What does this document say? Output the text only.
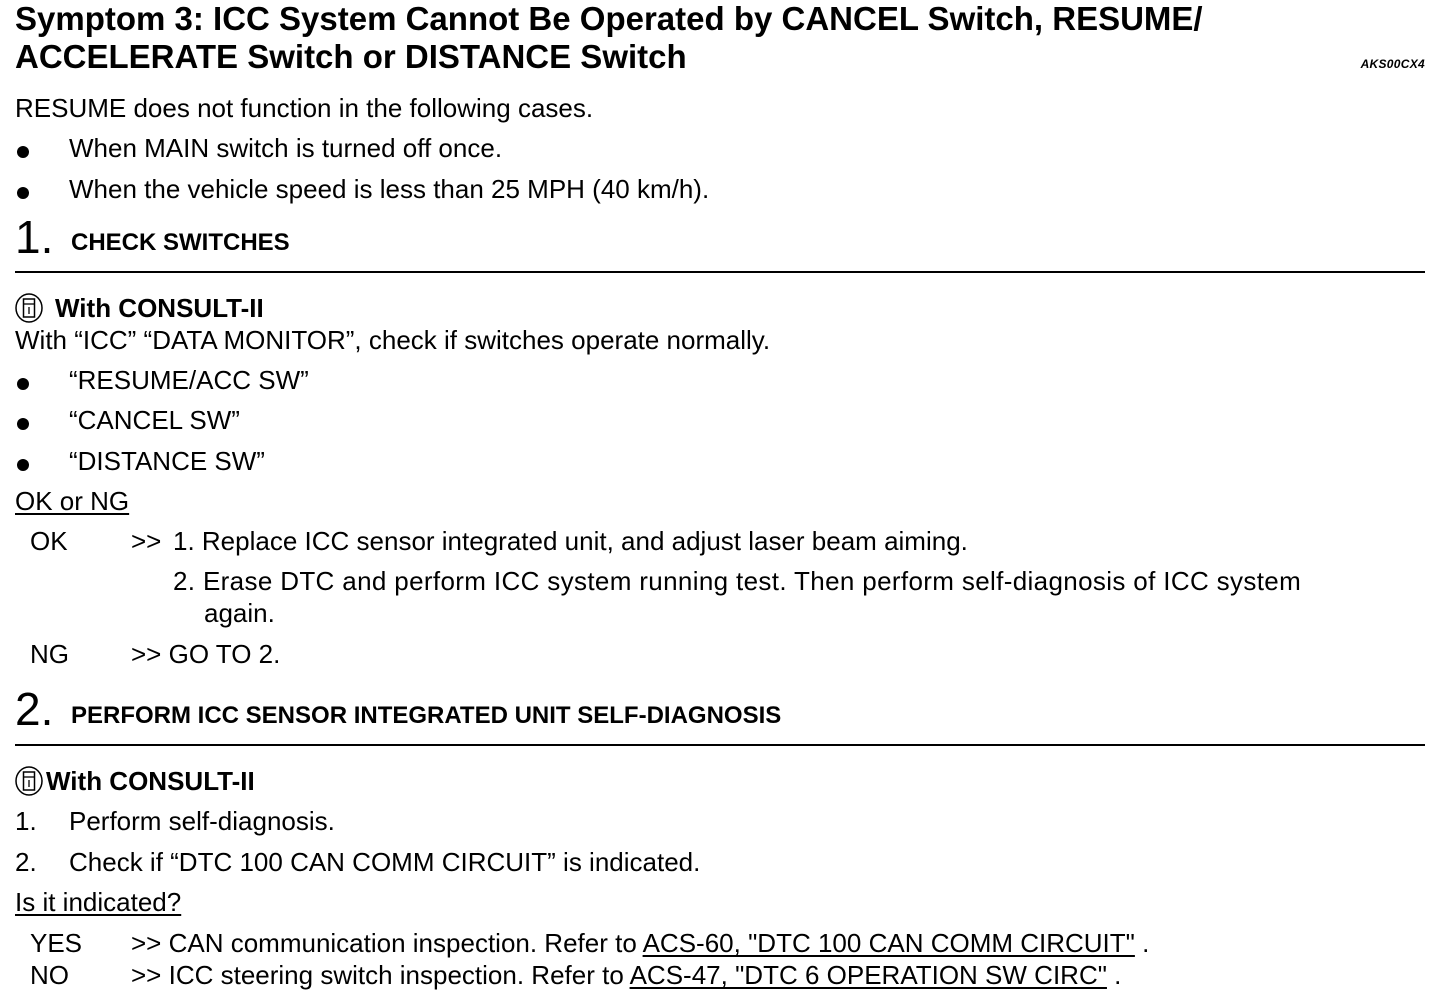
Symptom 3: ICC System Cannot Be Operated by CANCEL Switch, RESUME/ ACCELERATE Switch or DISTANCE Switch	AKS00CX4
RESUME does not function in the following cases.
When MAIN switch is turned off once.
When the vehicle speed is less than 25 MPH (40 km/h).
1. CHECK SWITCHES
With CONSULT-II
With “ICC” “DATA MONITOR”, check if switches operate normally.
“RESUME/ACC SW”
“CANCEL SW”
“DISTANCE SW”
OK or NG
OK >> 1. Replace ICC sensor integrated unit, and adjust laser beam aiming.
2. Erase DTC and perform ICC system running test. Then perform self-diagnosis of ICC system
again.
NG >> GO TO 2.
2. PERFORM ICC SENSOR INTEGRATED UNIT SELF-DIAGNOSIS
With CONSULT-II
1. Perform self-diagnosis.
2. Check if “DTC 100 CAN COMM CIRCUIT” is indicated.
Is it indicated?
YES >> CAN communication inspection. Refer to ACS-60, "DTC 100 CAN COMM CIRCUIT" .
NO >> ICC steering switch inspection. Refer to ACS-47, "DTC 6 OPERATION SW CIRC" .
